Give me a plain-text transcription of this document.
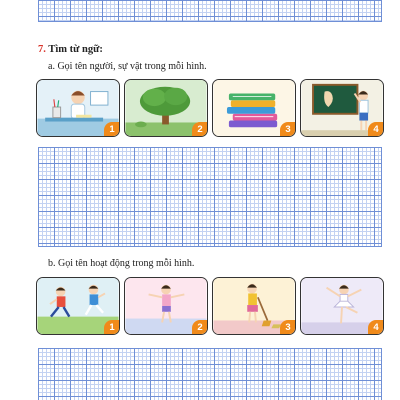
7. Tìm từ ngữ:
a. Gọi tên người, sự vật trong mỗi hình.
1	2	3	4
b. Gọi tên hoạt động trong mỗi hình.
1	2	3	4
